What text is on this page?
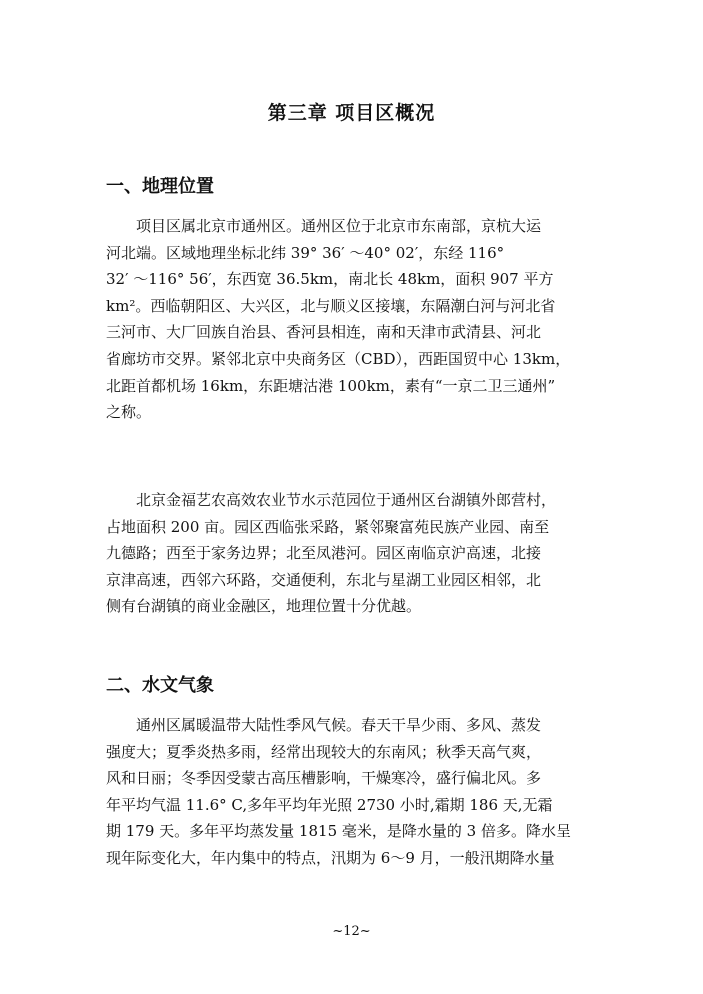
第三章 项目区概况
一、地理位置

　　项目区属北京市通州区。通州区位于北京市东南部，京杭大运
河北端。区域地理坐标北纬 39° 36′ ～40° 02′，东经 116°
32′ ～116° 56′，东西宽 36.5km，南北长 48km，面积 907 平方
km²。西临朝阳区、大兴区，北与顺义区接壤，东隔潮白河与河北省
三河市、大厂回族自治县、香河县相连，南和天津市武清县、河北
省廊坊市交界。紧邻北京中央商务区（CBD），西距国贸中心 13km，
北距首都机场 16km，东距塘沽港 100km，素有“一京二卫三通州”
之称。

　　北京金福艺农高效农业节水示范园位于通州区台湖镇外郎营村，
占地面积 200 亩。园区西临张采路，紧邻聚富苑民族产业园、南至
九德路；西至于家务边界；北至凤港河。园区南临京沪高速，北接
京津高速，西邻六环路，交通便利，东北与星湖工业园区相邻，北
侧有台湖镇的商业金融区，地理位置十分优越。

二、水文气象

　　通州区属暖温带大陆性季风气候。春天干旱少雨、多风、蒸发
强度大；夏季炎热多雨，经常出现较大的东南风；秋季天高气爽，
风和日丽；冬季因受蒙古高压槽影响，干燥寒冷，盛行偏北风。多
年平均气温 11.6° C,多年平均年光照 2730 小时,霜期 186 天,无霜
期 179 天。多年平均蒸发量 1815 毫米，是降水量的 3 倍多。降水呈
现年际变化大，年内集中的特点，汛期为 6～9 月，一般汛期降水量

~12~
